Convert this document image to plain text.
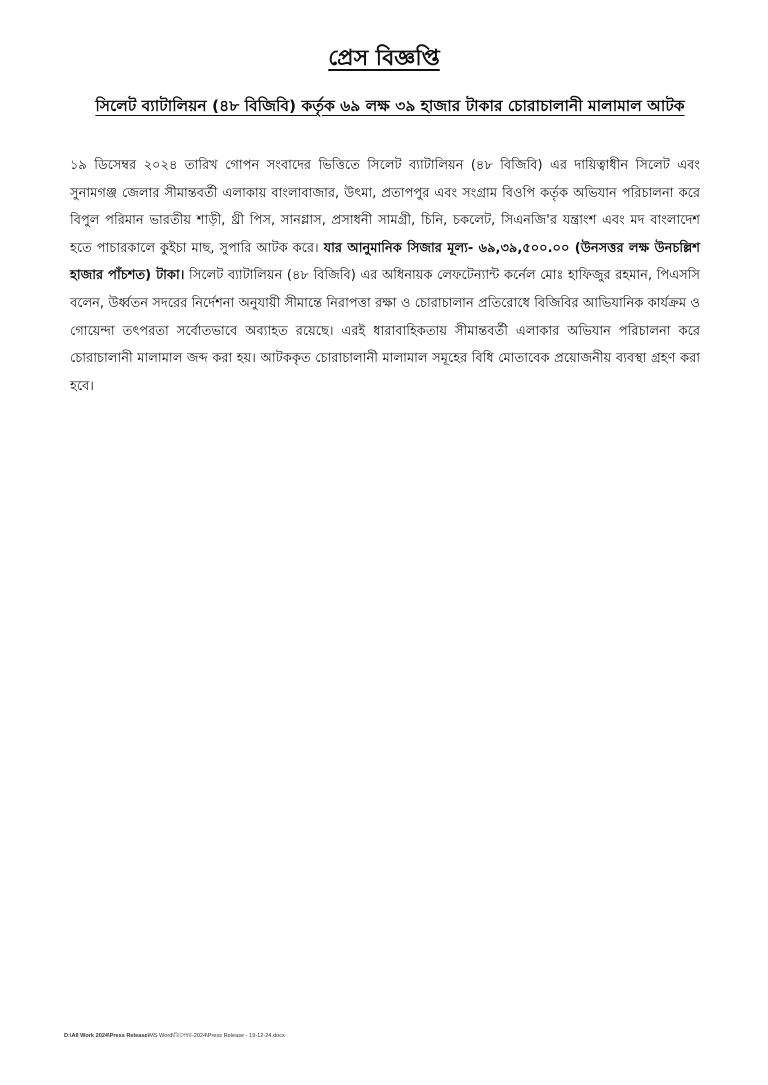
প্রেস বিজ্ঞপ্তি
সিলেট ব্যাটালিয়ন (৪৮ বিজিবি) কর্তৃক ৬৯ লক্ষ ৩৯ হাজার টাকার চোরাচালানী মালামাল আটক
১৯ ডিসেম্বর ২০২৪ তারিখ গোপন সংবাদের ভিত্তিতে সিলেট ব্যাটালিয়ন (৪৮ বিজিবি) এর দায়িত্বাধীন সিলেট এবং সুনামগঞ্জ জেলার সীমান্তবর্তী এলাকায় বাংলাবাজার, উৎমা, প্রতাপপুর এবং সংগ্রাম বিওপি কর্তৃক অভিযান পরিচালনা করে বিপুল পরিমান ভারতীয় শাড়ী, থ্রী পিস, সানগ্লাস, প্রসাধনী সামগ্রী, চিনি, চকলেট, সিএনজি'র যন্ত্রাংশ এবং মদ বাংলাদেশ হতে পাচারকালে কুইচা মাছ, সুপারি আটক করে। যার আনুমানিক সিজার মূল্য- ৬৯,৩৯,৫০০.০০ (উনসত্তর লক্ষ উনচল্লিশ হাজার পাঁচশত) টাকা। সিলেট ব্যাটালিয়ন (৪৮ বিজিবি) এর অধিনায়ক লেফটেন্যান্ট কর্নেল মোঃ হাফিজুর রহমান, পিএসসি বলেন, উর্ধ্বতন সদরের নির্দেশনা অনুযায়ী সীমান্তে নিরাপত্তা রক্ষা ও চোরাচালান প্রতিরোধে বিজিবির আভিযানিক কার্যক্রম ও গোয়েন্দা তৎপরতা সর্বোতভাবে অব্যাহত রয়েছে। এরই ধারাবাহিকতায় সীমান্তবর্তী এলাকার অভিযান পরিচালনা করে চোরাচালানী মালামাল জব্দ করা হয়। আটককৃত চোরাচালানী মালামাল সমূহের বিধি মোতাবেক প্রয়োজনীয় ব্যবস্থা গ্রহণ করা হবে।
D:\All Work 2024\Press Release\MS Word\ডিসেম্বর-2024\Press Release - 19-12-24.docx
